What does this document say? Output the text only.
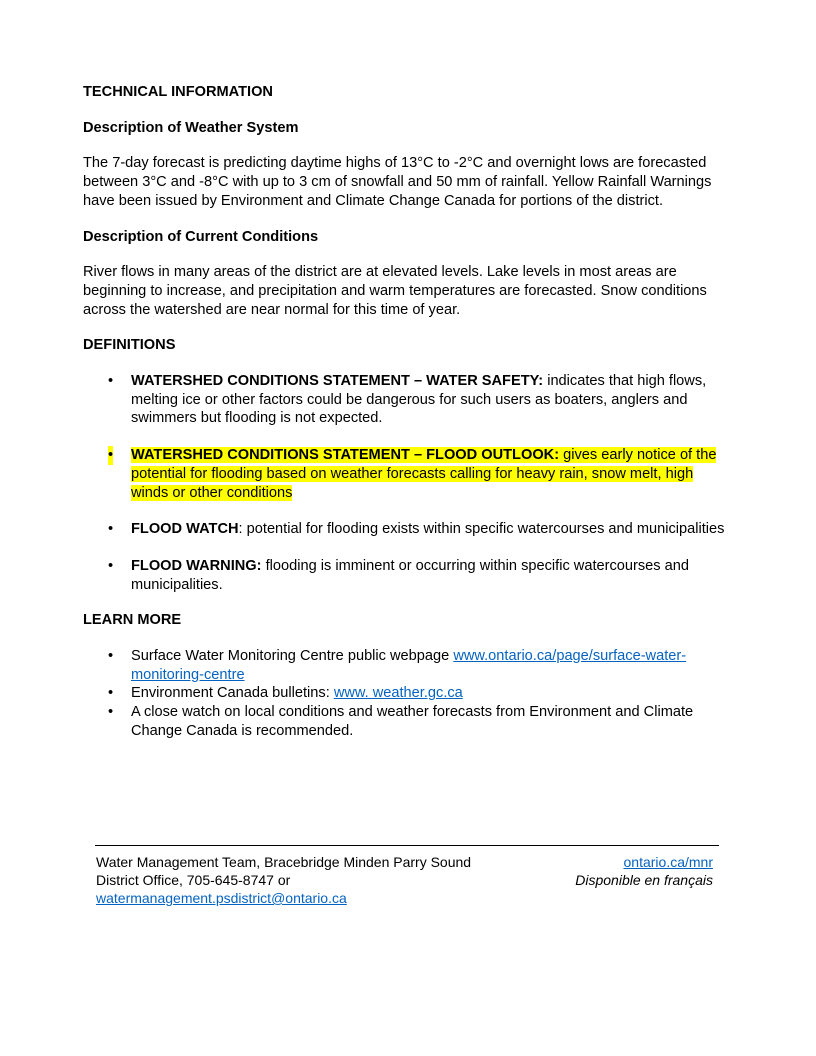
TECHNICAL INFORMATION

Description of Weather System

The 7-day forecast is predicting daytime highs of 13°C to -2°C and overnight lows are forecasted between 3°C and -8°C with up to 3 cm of snowfall and 50 mm of rainfall. Yellow Rainfall Warnings have been issued by Environment and Climate Change Canada for portions of the district.

Description of Current Conditions

River flows in many areas of the district are at elevated levels. Lake levels in most areas are beginning to increase, and precipitation and warm temperatures are forecasted. Snow conditions across the watershed are near normal for this time of year.

DEFINITIONS

• WATERSHED CONDITIONS STATEMENT – WATER SAFETY: indicates that high flows, melting ice or other factors could be dangerous for such users as boaters, anglers and swimmers but flooding is not expected.
• WATERSHED CONDITIONS STATEMENT – FLOOD OUTLOOK: gives early notice of the potential for flooding based on weather forecasts calling for heavy rain, snow melt, high winds or other conditions
• FLOOD WATCH: potential for flooding exists within specific watercourses and municipalities
• FLOOD WARNING: flooding is imminent or occurring within specific watercourses and municipalities.

LEARN MORE

• Surface Water Monitoring Centre public webpage www.ontario.ca/page/surface-water-monitoring-centre
• Environment Canada bulletins: www. weather.gc.ca
• A close watch on local conditions and weather forecasts from Environment and Climate Change Canada is recommended.
Water Management Team, Bracebridge Minden Parry Sound
District Office, 705-645-8747 or
watermanagement.psdistrict@ontario.ca
ontario.ca/mnr
Disponible en français
